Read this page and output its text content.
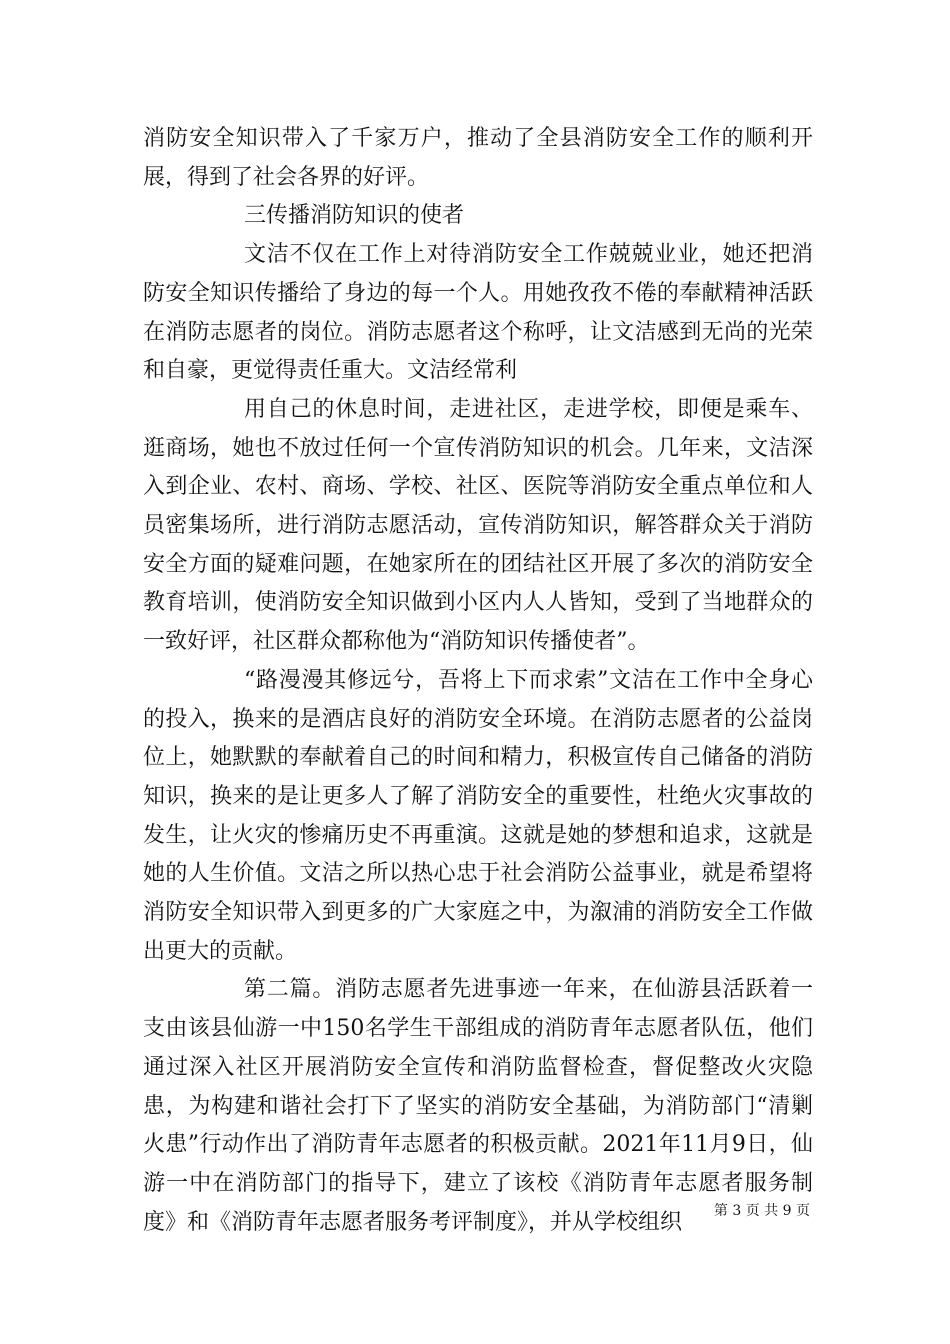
消防安全知识带入了千家万户，推动了全县消防安全工作的顺利开展，得到了社会各界的好评。

三传播消防知识的使者

文洁不仅在工作上对待消防安全工作兢兢业业，她还把消防安全知识传播给了身边的每一个人。用她孜孜不倦的奉献精神活跃在消防志愿者的岗位。消防志愿者这个称呼，让文洁感到无尚的光荣和自豪，更觉得责任重大。文洁经常利

用自己的休息时间，走进社区，走进学校，即便是乘车、逛商场，她也不放过任何一个宣传消防知识的机会。几年来，文洁深入到企业、农村、商场、学校、社区、医院等消防安全重点单位和人员密集场所，进行消防志愿活动，宣传消防知识，解答群众关于消防安全方面的疑难问题，在她家所在的团结社区开展了多次的消防安全教育培训，使消防安全知识做到小区内人人皆知，受到了当地群众的一致好评，社区群众都称他为“消防知识传播使者”。

“路漫漫其修远兮，吾将上下而求索”文洁在工作中全身心的投入，换来的是酒店良好的消防安全环境。在消防志愿者的公益岗位上，她默默的奉献着自己的时间和精力，积极宣传自己储备的消防知识，换来的是让更多人了解了消防安全的重要性，杜绝火灾事故的发生，让火灾的惨痛历史不再重演。这就是她的梦想和追求，这就是她的人生价值。文洁之所以热心忠于社会消防公益事业，就是希望将消防安全知识带入到更多的广大家庭之中，为溆浦的消防安全工作做出更大的贡献。

第二篇。消防志愿者先进事迹一年来，在仙游县活跃着一支由该县仙游一中150名学生干部组成的消防青年志愿者队伍，他们通过深入社区开展消防安全宣传和消防监督检查，督促整改火灾隐患，为构建和谐社会打下了坚实的消防安全基础，为消防部门“清剿火患”行动作出了消防青年志愿者的积极贡献。2021年11月9日，仙游一中在消防部门的指导下，建立了该校《消防青年志愿者服务制度》和《消防青年志愿者服务考评制度》，并从学校组织	第 3 页 共 9 页
